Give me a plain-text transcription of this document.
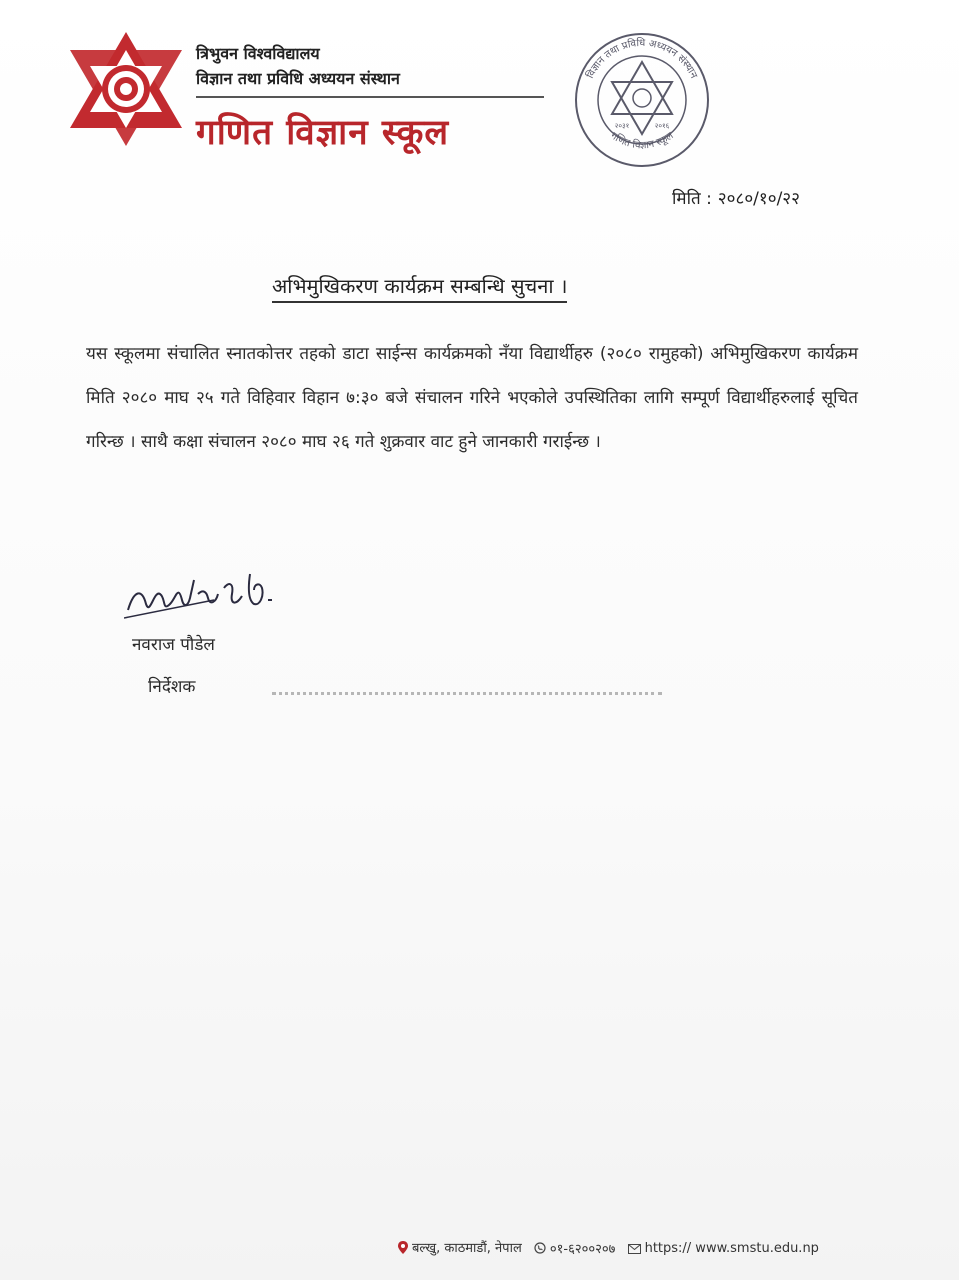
त्रिभुवन विश्वविद्यालय
विज्ञान तथा प्रविधि अध्ययन संस्थान
गणित विज्ञान स्कूल
विज्ञान तथा प्रविधि अध्ययन संस्थान
गणित विज्ञान स्कूल
२०३१	२०१६
मिति : २०८०/१०/२२
अभिमुखिकरण कार्यक्रम सम्बन्धि सुचना ।
यस स्कूलमा संचालित स्नातकोत्तर तहको डाटा साईन्स कार्यक्रमको नँया विद्यार्थीहरु (२०८० रामुहको) अभिमुखिकरण कार्यक्रम मिति २०८० माघ २५ गते विहिवार विहान ७:३० बजे संचालन गरिने भएकोले उपस्थितिका लागि सम्पूर्ण विद्यार्थीहरुलाई सूचित गरिन्छ । साथै कक्षा संचालन २०८० माघ २६ गते शुक्रवार वाट हुने जानकारी गराईन्छ ।
नवराज पौडेल
निर्देशक
बल्खु, काठमाडौं, नेपाल
०१-६२००२०७
https:// www.smstu.edu.np
